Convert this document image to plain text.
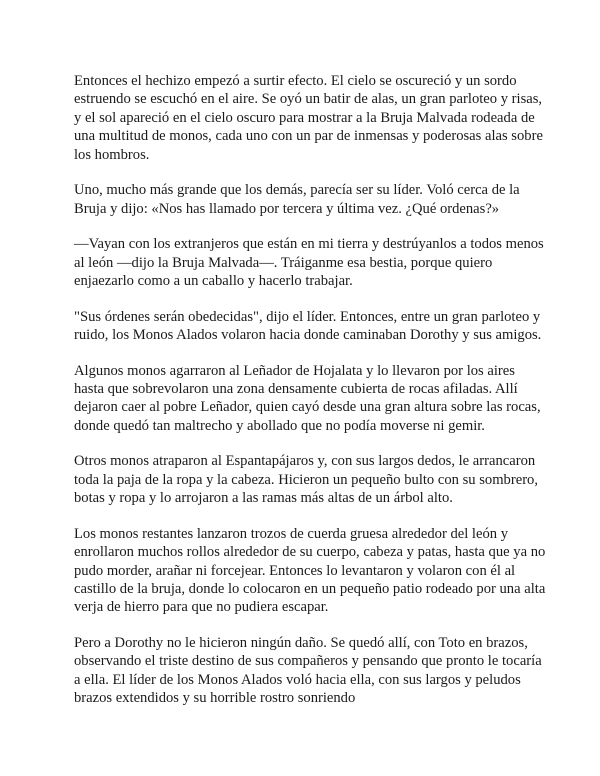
Entonces el hechizo empezó a surtir efecto. El cielo se oscureció y un sordo estruendo se escuchó en el aire. Se oyó un batir de alas, un gran parloteo y risas, y el sol apareció en el cielo oscuro para mostrar a la Bruja Malvada rodeada de una multitud de monos, cada uno con un par de inmensas y poderosas alas sobre los hombros.

Uno, mucho más grande que los demás, parecía ser su líder. Voló cerca de la Bruja y dijo: «Nos has llamado por tercera y última vez. ¿Qué ordenas?»

—Vayan con los extranjeros que están en mi tierra y destrúyanlos a todos menos al león —dijo la Bruja Malvada—. Tráiganme esa bestia, porque quiero enjaezarlo como a un caballo y hacerlo trabajar.

"Sus órdenes serán obedecidas", dijo el líder. Entonces, entre un gran parloteo y ruido, los Monos Alados volaron hacia donde caminaban Dorothy y sus amigos.

Algunos monos agarraron al Leñador de Hojalata y lo llevaron por los aires hasta que sobrevolaron una zona densamente cubierta de rocas afiladas. Allí dejaron caer al pobre Leñador, quien cayó desde una gran altura sobre las rocas, donde quedó tan maltrecho y abollado que no podía moverse ni gemir.

Otros monos atraparon al Espantapájaros y, con sus largos dedos, le arrancaron toda la paja de la ropa y la cabeza. Hicieron un pequeño bulto con su sombrero, botas y ropa y lo arrojaron a las ramas más altas de un árbol alto.

Los monos restantes lanzaron trozos de cuerda gruesa alrededor del león y enrollaron muchos rollos alrededor de su cuerpo, cabeza y patas, hasta que ya no pudo morder, arañar ni forcejear. Entonces lo levantaron y volaron con él al castillo de la bruja, donde lo colocaron en un pequeño patio rodeado por una alta verja de hierro para que no pudiera escapar.

Pero a Dorothy no le hicieron ningún daño. Se quedó allí, con Toto en brazos, observando el triste destino de sus compañeros y pensando que pronto le tocaría a ella. El líder de los Monos Alados voló hacia ella, con sus largos y peludos brazos extendidos y su horrible rostro sonriendo
